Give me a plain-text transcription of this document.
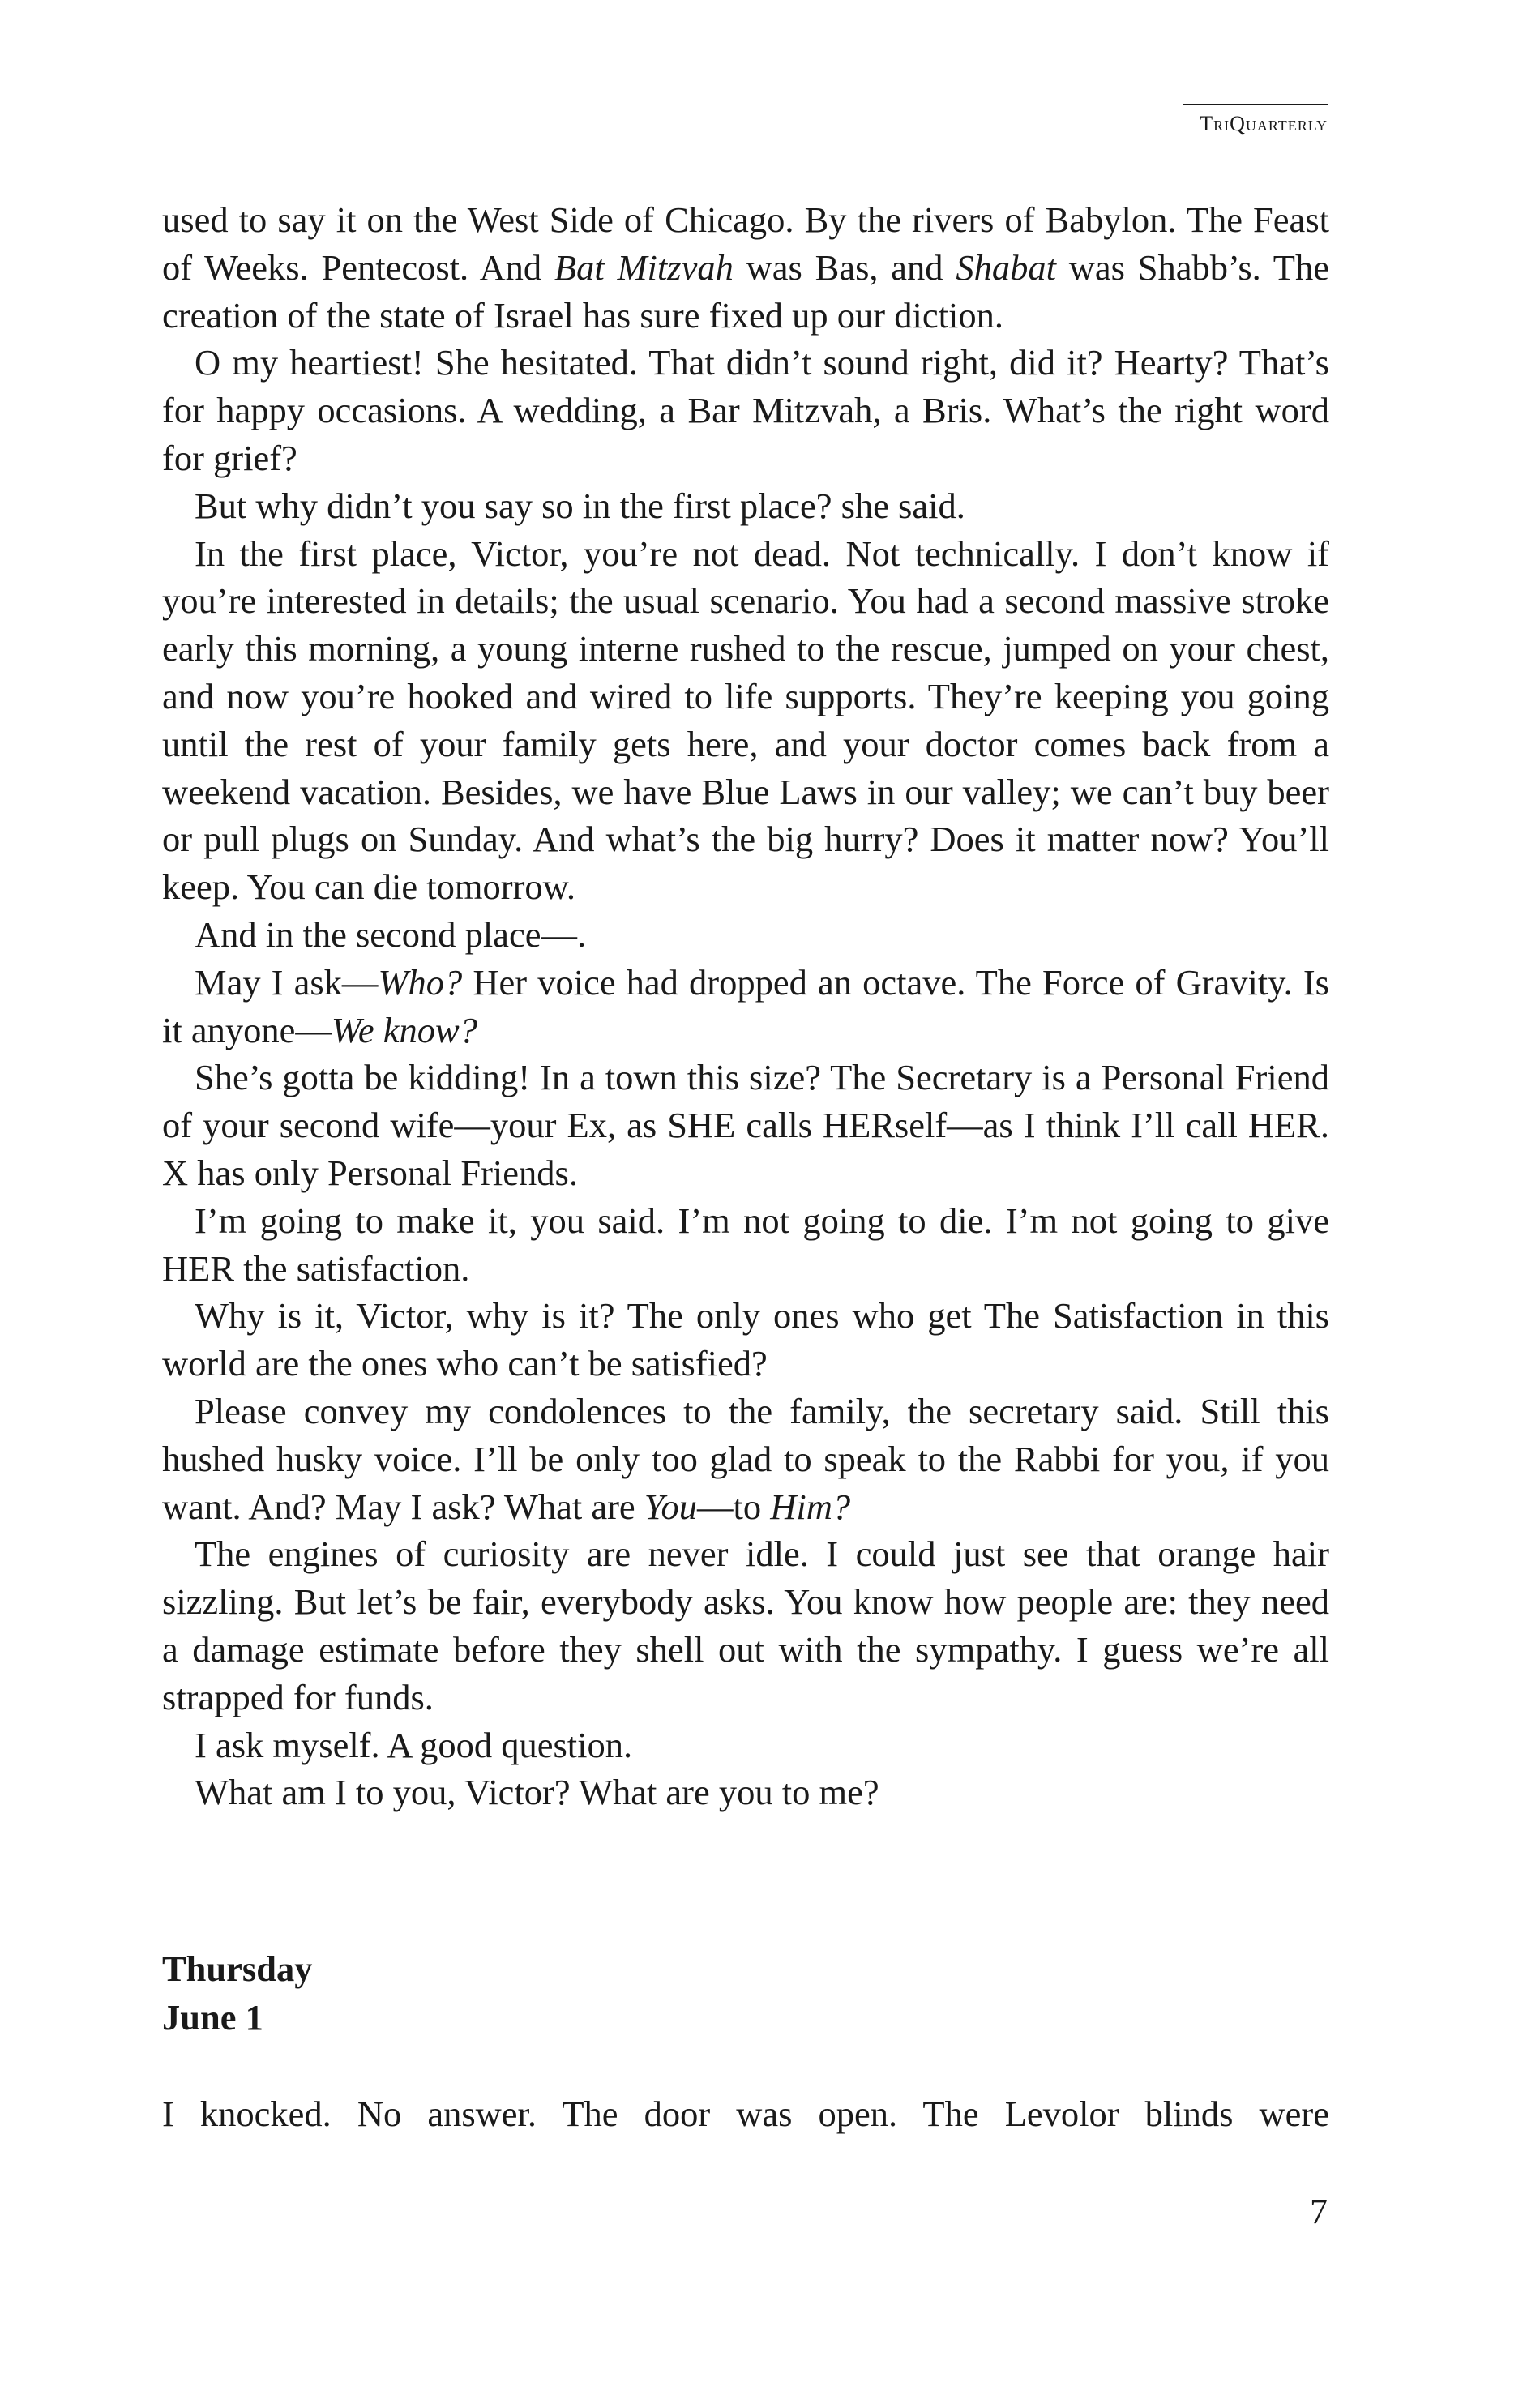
TriQuarterly

used to say it on the West Side of Chicago. By the rivers of Babylon. The Feast of Weeks. Pentecost. And Bat Mitzvah was Bas, and Shabat was Shabb’s. The creation of the state of Israel has sure fixed up our diction.

O my heartiest! She hesitated. That didn’t sound right, did it? Hearty? That’s for happy occasions. A wedding, a Bar Mitzvah, a Bris. What’s the right word for grief?

But why didn’t you say so in the first place? she said.

In the first place, Victor, you’re not dead. Not technically. I don’t know if you’re interested in details; the usual scenario. You had a second massive stroke early this morning, a young interne rushed to the rescue, jumped on your chest, and now you’re hooked and wired to life supports. They’re keeping you going until the rest of your family gets here, and your doctor comes back from a weekend vacation. Besides, we have Blue Laws in our valley; we can’t buy beer or pull plugs on Sunday. And what’s the big hurry? Does it matter now? You’ll keep. You can die tomorrow.

And in the second place—.

May I ask—Who? Her voice had dropped an octave. The Force of Gravity. Is it anyone—We know?

She’s gotta be kidding! In a town this size? The Secretary is a Personal Friend of your second wife—your Ex, as SHE calls HERself—as I think I’ll call HER. X has only Personal Friends.

I’m going to make it, you said. I’m not going to die. I’m not going to give HER the satisfaction.

Why is it, Victor, why is it? The only ones who get The Satisfaction in this world are the ones who can’t be satisfied?

Please convey my condolences to the family, the secretary said. Still this hushed husky voice. I’ll be only too glad to speak to the Rabbi for you, if you want. And? May I ask? What are You—to Him?

The engines of curiosity are never idle. I could just see that orange hair sizzling. But let’s be fair, everybody asks. You know how people are: they need a damage estimate before they shell out with the sympathy. I guess we’re all strapped for funds.

I ask myself. A good question.

What am I to you, Victor? What are you to me?

Thursday
June 1

I knocked. No answer. The door was open. The Levolor blinds were

7
